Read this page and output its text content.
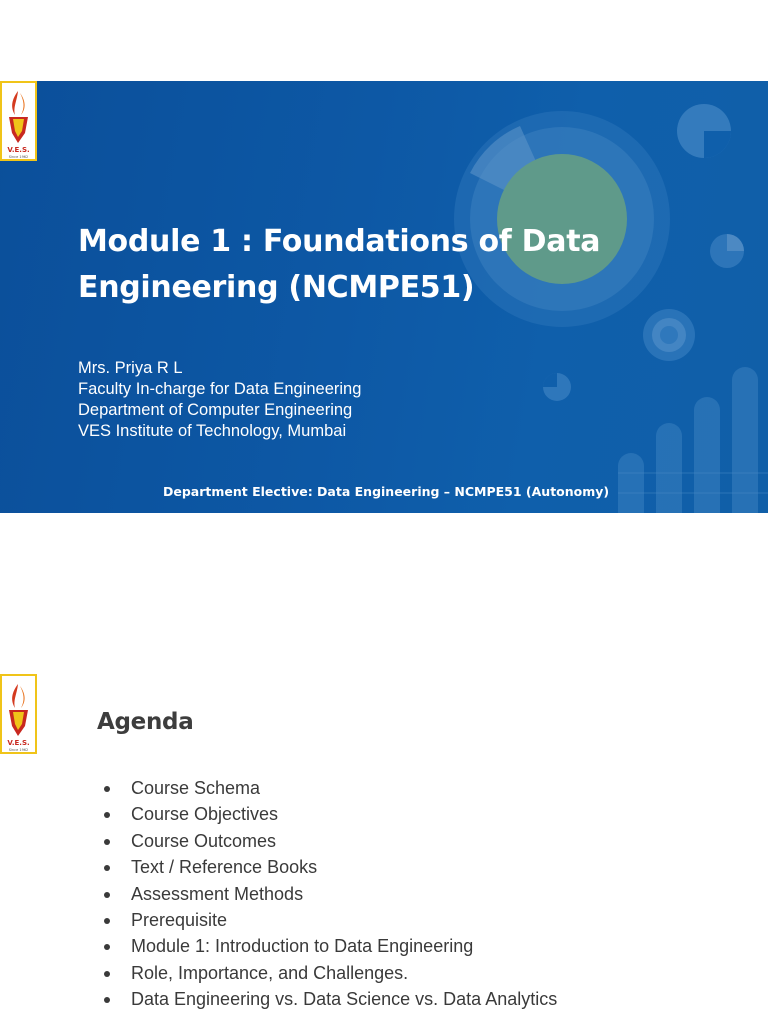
V.E.S.
Since 1962
Module 1 : Foundations of Data
Engineering (NCMPE51)
Mrs. Priya R L
Faculty In-charge for Data Engineering
Department of Computer Engineering
VES Institute of Technology, Mumbai
Department Elective: Data Engineering – NCMPE51 (Autonomy)
V.E.S.
Since 1962
Agenda
Course Schema
Course Objectives
Course Outcomes
Text / Reference Books
Assessment Methods
Prerequisite
Module 1: Introduction to Data Engineering
Role, Importance, and Challenges.
Data Engineering vs. Data Science vs. Data Analytics
